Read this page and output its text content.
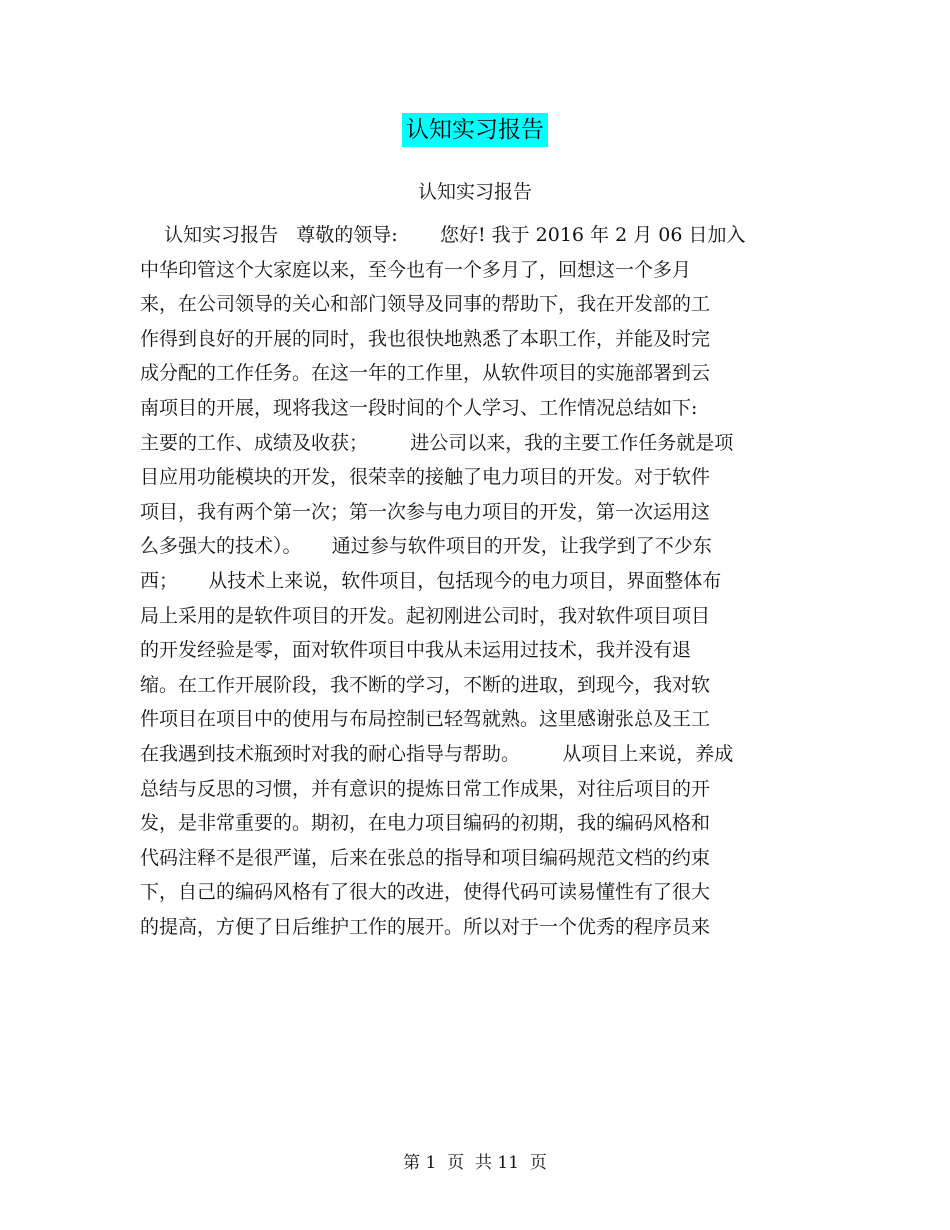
认知实习报告
认知实习报告
认知实习报告   尊敬的领导:       您好! 我于 2016 年 2 月 06 日加入
中华印管这个大家庭以来，至今也有一个多月了，回想这一个多月
来，在公司领导的关心和部门领导及同事的帮助下，我在开发部的工
作得到良好的开展的同时，我也很快地熟悉了本职工作，并能及时完
成分配的工作任务。在这一年的工作里，从软件项目的实施部署到云
南项目的开展，现将我这一段时间的个人学习、工作情况总结如下:
主要的工作、成绩及收获；       进公司以来，我的主要工作任务就是项
目应用功能模块的开发，很荣幸的接触了电力项目的开发。对于软件
项目，我有两个第一次；第一次参与电力项目的开发，第一次运用这
么多强大的技术）。     通过参与软件项目的开发，让我学到了不少东
西；     从技术上来说，软件项目，包括现今的电力项目，界面整体布
局上采用的是软件项目的开发。起初刚进公司时，我对软件项目项目
的开发经验是零，面对软件项目中我从未运用过技术，我并没有退
缩。在工作开展阶段，我不断的学习，不断的进取，到现今，我对软
件项目在项目中的使用与布局控制已轻驾就熟。这里感谢张总及王工
在我遇到技术瓶颈时对我的耐心指导与帮助。       从项目上来说，养成
总结与反思的习惯，并有意识的提炼日常工作成果，对往后项目的开
发，是非常重要的。期初，在电力项目编码的初期，我的编码风格和
代码注释不是很严谨，后来在张总的指导和项目编码规范文档的约束
下，自己的编码风格有了很大的改进，使得代码可读易懂性有了很大
的提高，方便了日后维护工作的展开。所以对于一个优秀的程序员来
第 1  页  共 11  页
